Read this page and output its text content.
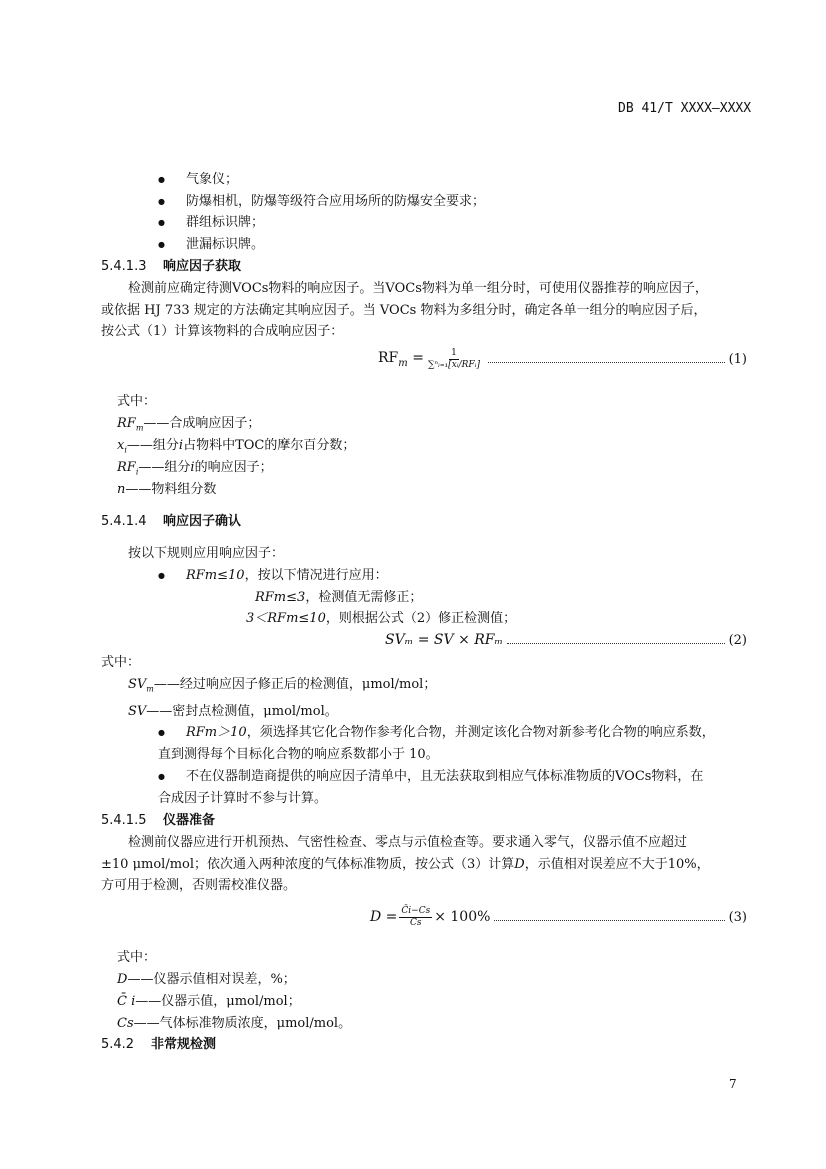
DB 41/T XXXX—XXXX
● 气象仪；
● 防爆相机，防爆等级符合应用场所的防爆安全要求；
● 群组标识牌；
● 泄漏标识牌。
5.4.1.3 响应因子获取
检测前应确定待测VOCs物料的响应因子。当VOCs物料为单一组分时，可使用仪器推荐的响应因子，
或依据 HJ 733 规定的方法确定其响应因子。当 VOCs 物料为多组分时，确定各单一组分的响应因子后，
按公式（1）计算该物料的合成响应因子：
$RF_m = \frac{1}{\text{∑ⁿᵢ₌₁[xᵢ/RFᵢ]}}$	(1)
式中：
$RF_m——$合成响应因子；
$x_i——$组分i占物料中TOC的摩尔百分数；
$RF_i——$组分i的响应因子；
n——物料组分数
5.4.1.4 响应因子确认
按以下规则应用响应因子：
● RFm≤10，按以下情况进行应用：
RFm≤3，检测值无需修正；
3＜RFm≤10，则根据公式（2）修正检测值；
SVₘ = SV × RFₘ	(2)
式中：
$SV_m——$经过响应因子修正后的检测值，μmol/mol；
SV——密封点检测值，μmol/mol。
● RFm＞10，须选择其它化合物作参考化合物，并测定该化合物对新参考化合物的响应系数，
直到测得每个目标化合物的响应系数都小于 10。
● 不在仪器制造商提供的响应因子清单中，且无法获取到相应气体标准物质的VOCs物料，在
合成因子计算时不参与计算。
5.4.1.5 仪器准备
检测前仪器应进行开机预热、气密性检查、零点与示值检查等。要求通入零气，仪器示值不应超过
±10 μmol/mol；依次通入两种浓度的气体标准物质，按公式（3）计算D，示值相对误差应不大于10%，
方可用于检测，否则需校准仪器。
$D = \frac{C̄i-Cs}{Cs} \times 100\%$	(3)
式中：
D——仪器示值相对误差，%；
C̄ i——仪器示值，μmol/mol；
Cs——气体标准物质浓度，μmol/mol。
5.4.2 非常规检测
7
